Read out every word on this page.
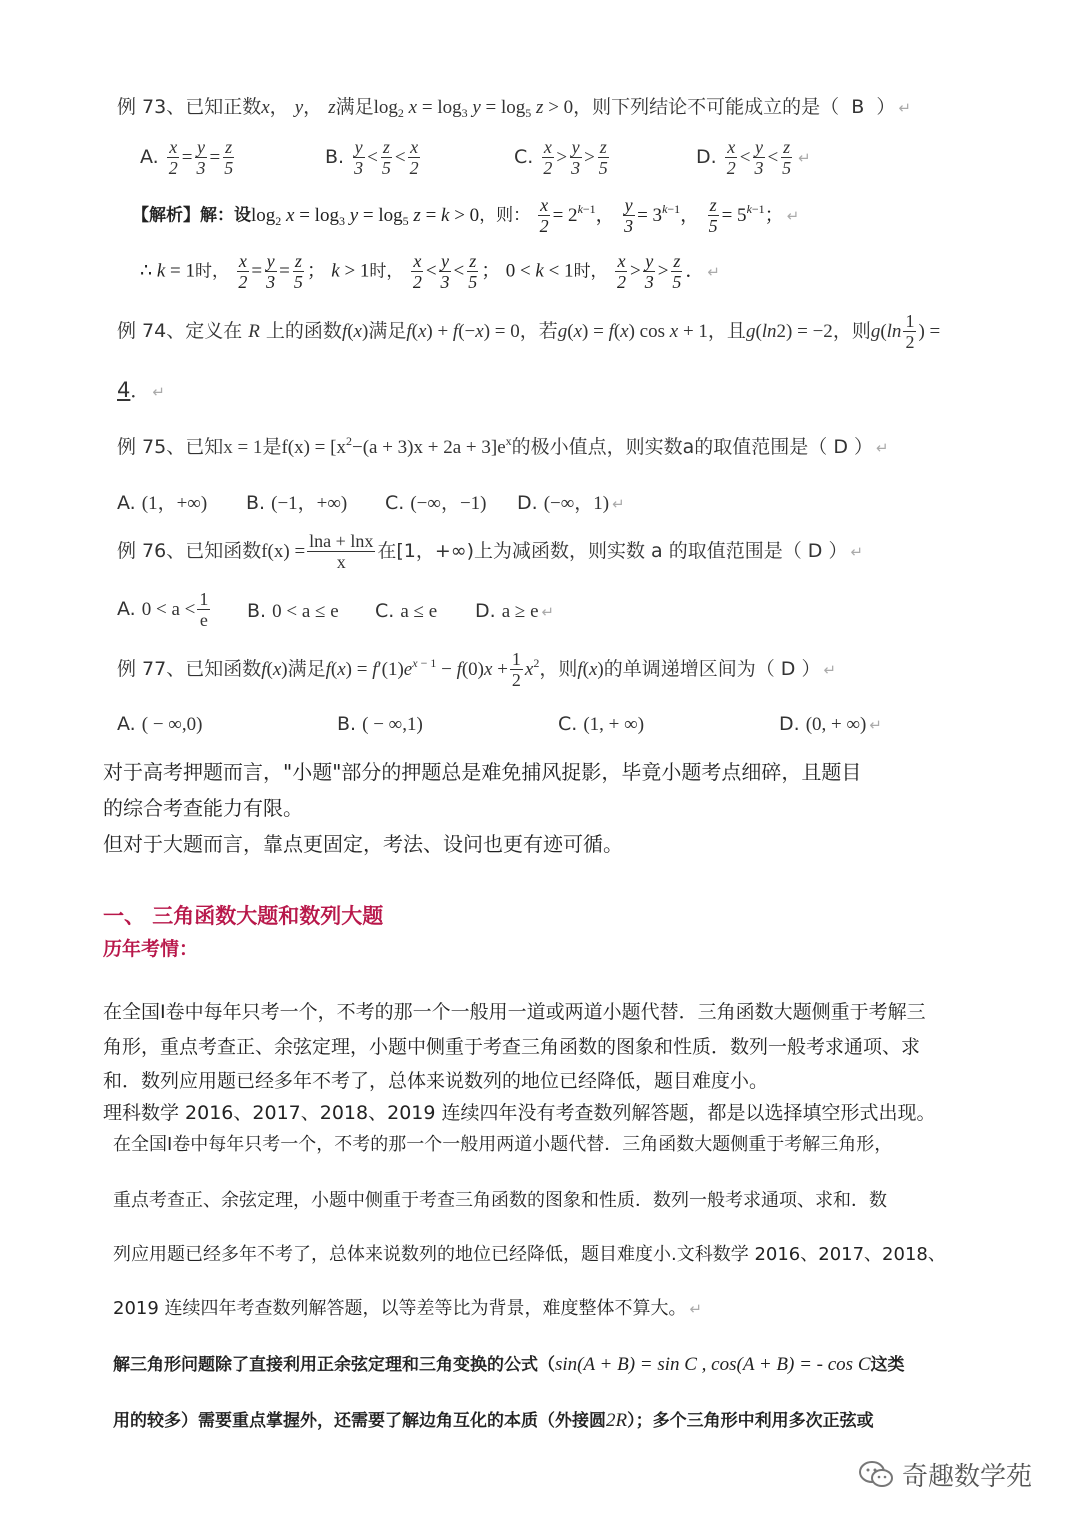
例 73、已知正数x， y， z满足$\log_2 x = \log_3 y = \log_5 z > 0$，则下列结论不可能成立的是（ B ） ↵
A. $\frac{x}{2} = \frac{y}{3} = \frac{z}{5}$	B. $\frac{y}{3} < \frac{z}{5} < \frac{x}{2}$	C. $\frac{x}{2} > \frac{y}{3} > \frac{z}{5}$	D. $\frac{x}{2} < \frac{y}{3} < \frac{z}{5}$ ↵
【解析】解：设$\log_2 x = \log_3 y = \log_5 z = k > 0$，则： $\frac{x}{2} = 2^{k-1}$， $\frac{y}{3} = 3^{k-1}$， $\frac{z}{5} = 5^{k-1}$； ↵
∴ k = 1时， $\frac{x}{2} = \frac{y}{3} = \frac{z}{5}$ ； k > 1时， $\frac{x}{2} < \frac{y}{3} < \frac{z}{5}$ ； 0 < k < 1时， $\frac{x}{2} > \frac{y}{3} > \frac{z}{5}$ ． ↵
例 74、定义在 R 上的函数f(x)满足f(x) + f(−x) = 0，若g(x) = f(x) cos x + 1，且g(ln2) = −2，则$g(\ln \frac{1}{2}$ ) =
4． ↵
例 75、已知x = 1是$f(x) = [x^2-(a + 3)x + 2a + 3]e^x$的极小值点，则实数a的取值范围是（ D ） ↵
A. (1，+∞) B. (−1，+∞) C. (−∞，−1) D. (−∞，1) ↵
例 76、已知函数$f(x) = \frac{\ln a + \ln x}{x}$ 在[1，+∞)上为减函数，则实数 a 的取值范围是（ D ） ↵
A. $0 < a < \frac{1}{e} B$. 0 < a ≤ e	C. a ≤ e	D. a ≥ e ↵
例 77、已知函数f(x)满足$f(x) = f'(1)e^{x - 1} - f(0)x + \frac{1}{2} x^2$，则f(x)的单调递增区间为（ D ） ↵
A. ( − ∞,0)	B. ( − ∞,1)	C. (1, + ∞)	D. (0, + ∞) ↵
对于高考押题而言，"小题"部分的押题总是难免捕风捉影，毕竟小题考点细碎，且题目
的综合考查能力有限。
但对于大题而言，靠点更固定，考法、设问也更有迹可循。
一、 三角函数大题和数列大题
历年考情：
在全国Ⅰ卷中每年只考一个，不考的那一个一般用一道或两道小题代替．三角函数大题侧重于考解三
角形，重点考查正、余弦定理，小题中侧重于考查三角函数的图象和性质．数列一般考求通项、求
和．数列应用题已经多年不考了，总体来说数列的地位已经降低，题目难度小。
理科数学 2016、2017、2018、2019 连续四年没有考查数列解答题，都是以选择填空形式出现。
在全国Ⅰ卷中每年只考一个，不考的那一个一般用两道小题代替．三角函数大题侧重于考解三角形，
重点考查正、余弦定理，小题中侧重于考查三角函数的图象和性质．数列一般考求通项、求和．数
列应用题已经多年不考了，总体来说数列的地位已经降低，题目难度小.文科数学 2016、2017、2018、
2019 连续四年考查数列解答题，以等差等比为背景，难度整体不算大。 ↵
解三角形问题除了直接利用正余弦定理和三角变换的公式（sin(A + B) = sin C , cos(A + B) = - cos C这类
用的较多）需要重点掌握外，还需要了解边角互化的本质（外接圆2R）；多个三角形中利用多次正弦或
奇趣数学苑
